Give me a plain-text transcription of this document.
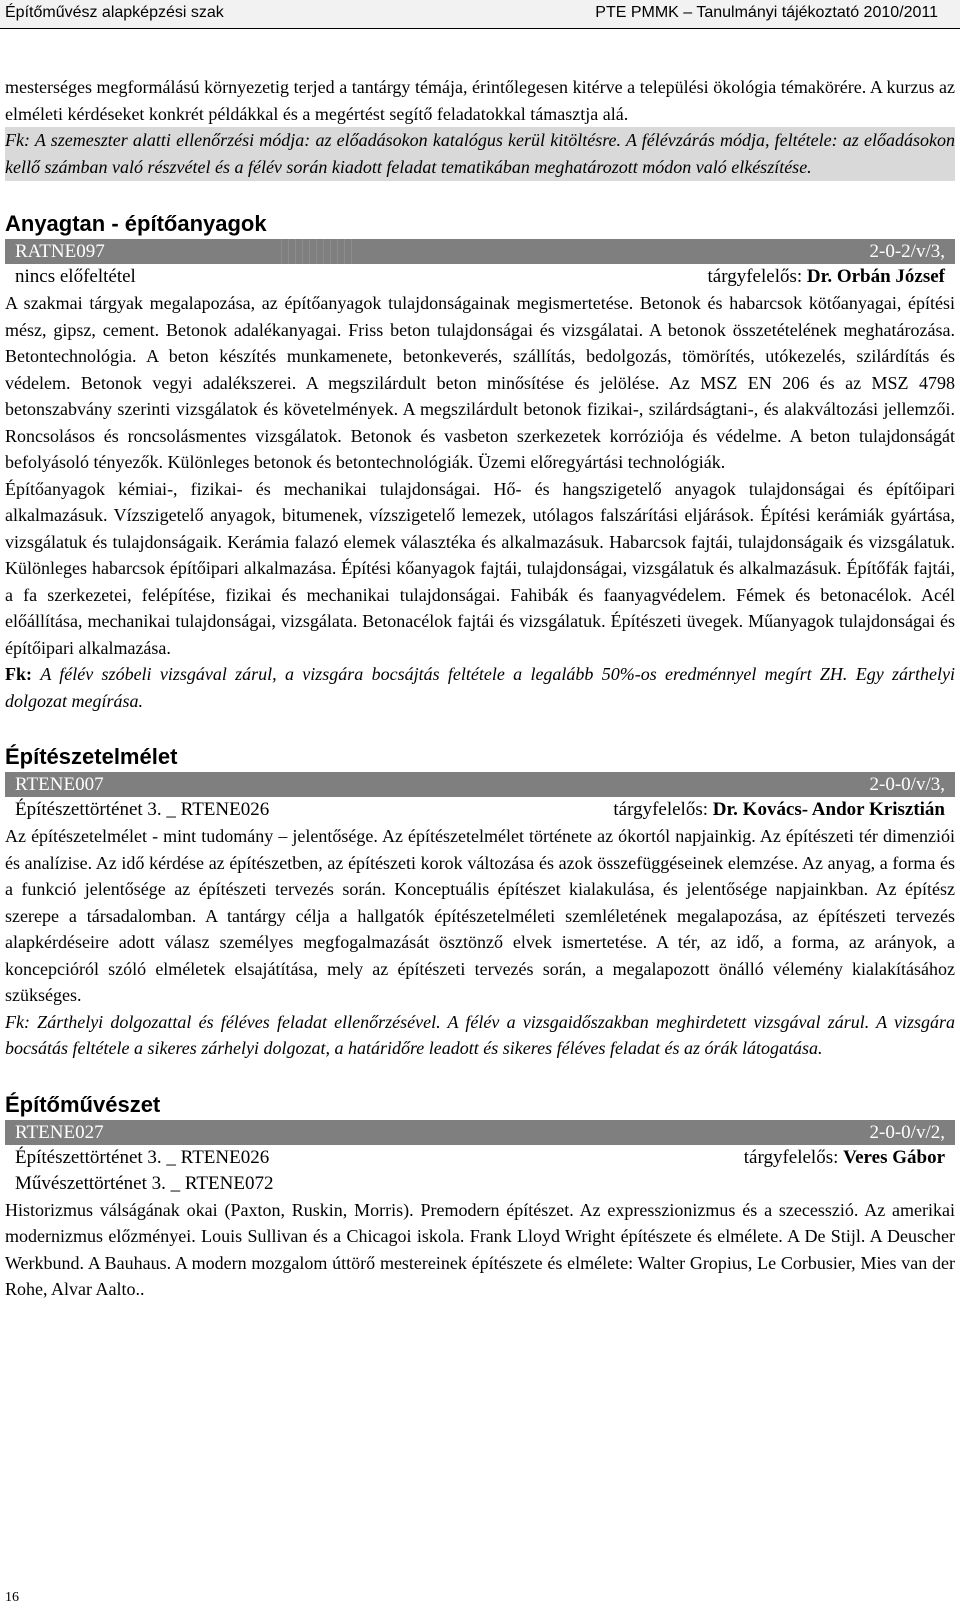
Építőművész alapképzési szak	PTE PMMK – Tanulmányi tájékoztató 2010/2011

mesterséges megformálású környezetig terjed a tantárgy témája, érintőlegesen kitérve a települési ökológia témakörére. A kurzus az elméleti kérdéseket konkrét példákkal és a megértést segítő feladatokkal támasztja alá.

Fk: A szemeszter alatti ellenőrzési módja: az előadásokon katalógus kerül kitöltésre. A félévzárás módja, feltétele: az előadásokon kellő számban való részvétel és a félév során kiadott feladat tematikában meghatározott módon való elkészítése.

Anyagtan - építőanyagok
RATNE097	2-0-2/v/3,
nincs előfeltétel	tárgyfelelős: Dr. Orbán József

A szakmai tárgyak megalapozása, az építőanyagok tulajdonságainak megismertetése. Betonok és habarcsok kötőanyagai, építési mész, gipsz, cement. Betonok adalékanyagai. Friss beton tulajdonságai és vizsgálatai. A betonok összetételének meghatározása. Betontechnológia. A beton készítés munkamenete, betonkeverés, szállítás, bedolgozás, tömörítés, utókezelés, szilárdítás és védelem. Betonok vegyi adalékszerei. A megszilárdult beton minősítése és jelölése. Az MSZ EN 206 és az MSZ 4798 betonszabvány szerinti vizsgálatok és követelmények. A megszilárdult betonok fizikai-, szilárdságtani-, és alakváltozási jellemzői. Roncsolásos és roncsolásmentes vizsgálatok. Betonok és vasbeton szerkezetek korróziója és védelme. A beton tulajdonságát befolyásoló tényezők. Különleges betonok és betontechnológiák. Üzemi előregyártási technológiák.

Építőanyagok kémiai-, fizikai- és mechanikai tulajdonságai. Hő- és hangszigetelő anyagok tulajdonságai és építőipari alkalmazásuk. Vízszigetelő anyagok, bitumenek, vízszigetelő lemezek, utólagos falszárítási eljárások. Építési kerámiák gyártása, vizsgálatuk és tulajdonságaik. Kerámia falazó elemek választéka és alkalmazásuk. Habarcsok fajtái, tulajdonságaik és vizsgálatuk. Különleges habarcsok építőipari alkalmazása. Építési kőanyagok fajtái, tulajdonságai, vizsgálatuk és alkalmazásuk. Építőfák fajtái, a fa szerkezetei, felépítése, fizikai és mechanikai tulajdonságai. Fahibák és faanyagvédelem. Fémek és betonacélok. Acél előállítása, mechanikai tulajdonságai, vizsgálata. Betonacélok fajtái és vizsgálatuk. Építészeti üvegek. Műanyagok tulajdonságai és építőipari alkalmazása.

Fk: A félév szóbeli vizsgával zárul, a vizsgára bocsájtás feltétele a legalább 50%-os eredménnyel megírt ZH. Egy zárthelyi dolgozat megírása.

Építészetelmélet
RTENE007	2-0-0/v/3,
Építészettörténet 3. _ RTENE026	tárgyfelelős: Dr. Kovács- Andor Krisztián

Az építészetelmélet - mint tudomány – jelentősége. Az építészetelmélet története az ókortól napjainkig. Az építészeti tér dimenziói és analízise. Az idő kérdése az építészetben, az építészeti korok változása és azok összefüggéseinek elemzése. Az anyag, a forma és a funkció jelentősége az építészeti tervezés során. Konceptuális építészet kialakulása, és jelentősége napjainkban. Az építész szerepe a társadalomban. A tantárgy célja a hallgatók építészetelméleti szemléletének megalapozása, az építészeti tervezés alapkérdéseire adott válasz személyes megfogalmazását ösztönző elvek ismertetése. A tér, az idő, a forma, az arányok, a koncepcióról szóló elméletek elsajátítása, mely az építészeti tervezés során, a megalapozott önálló vélemény kialakításához szükséges.

Fk: Zárthelyi dolgozattal és féléves feladat ellenőrzésével. A félév a vizsgaidőszakban meghirdetett vizsgával zárul. A vizsgára bocsátás feltétele a sikeres zárhelyi dolgozat, a határidőre leadott és sikeres féléves feladat és az órák látogatása.

Építőművészet
RTENE027	2-0-0/v/2,
Építészettörténet 3. _ RTENE026	tárgyfelelős: Veres Gábor
Művészettörténet 3. _ RTENE072

Historizmus válságának okai (Paxton, Ruskin, Morris). Premodern építészet. Az expresszionizmus és a szecesszió. Az amerikai modernizmus előzményei. Louis Sullivan és a Chicagoi iskola. Frank Lloyd Wright építészete és elmélete. A De Stijl. A Deuscher Werkbund. A Bauhaus. A modern mozgalom úttörő mestereinek építészete és elmélete: Walter Gropius, Le Corbusier, Mies van der Rohe, Alvar Aalto..

16
